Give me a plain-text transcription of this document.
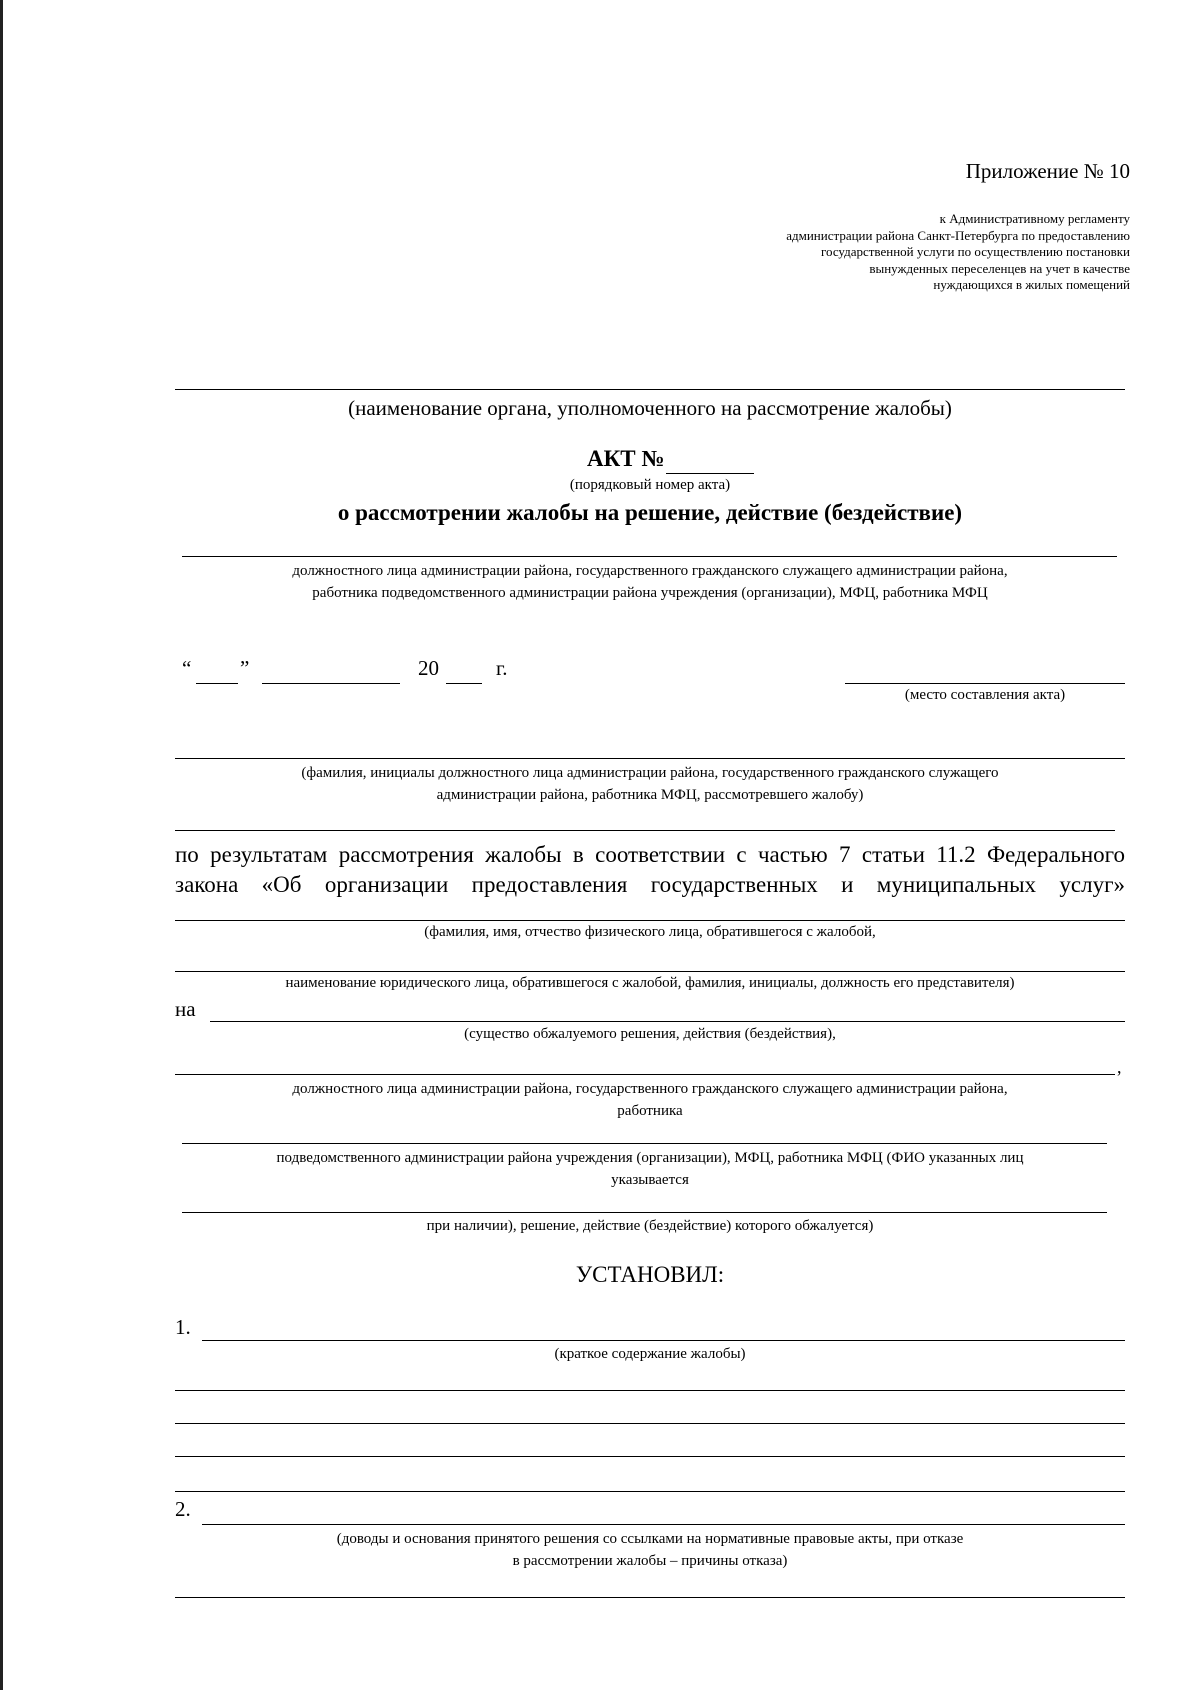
Приложение № 10
к Административному регламенту
администрации района Санкт-Петербурга по предоставлению
государственной услуги по осуществлению постановки
вынужденных переселенцев на учет в качестве
нуждающихся в жилых помещений
(наименование органа, уполномоченного на рассмотрение жалобы)
АКТ №
(порядковый номер акта)
о рассмотрении жалобы на решение, действие (бездействие)
должностного лица администрации района, государственного гражданского служащего администрации района,
работника подведомственного администрации района учреждения (организации), МФЦ, работника МФЦ
“ ”	20	г.
(место составления акта)
(фамилия, инициалы должностного лица администрации района, государственного гражданского служащего
администрации района, работника МФЦ, рассмотревшего жалобу)
по результатам рассмотрения жалобы в соответствии с частью 7 статьи 11.2 Федерального
закона «Об организации предоставления государственных и муниципальных услуг»
(фамилия, имя, отчество физического лица, обратившегося с жалобой,
наименование юридического лица, обратившегося с жалобой, фамилия, инициалы, должность его представителя)
на
(существо обжалуемого решения, действия (бездействия),
,
должностного лица администрации района, государственного гражданского служащего администрации района,
работника
подведомственного администрации района учреждения (организации), МФЦ, работника МФЦ (ФИО указанных лиц
указывается
при наличии), решение, действие (бездействие) которого обжалуется)
УСТАНОВИЛ:
1.
(краткое содержание жалобы)
2.
(доводы и основания принятого решения со ссылками на нормативные правовые акты, при отказе
в рассмотрении жалобы – причины отказа)
